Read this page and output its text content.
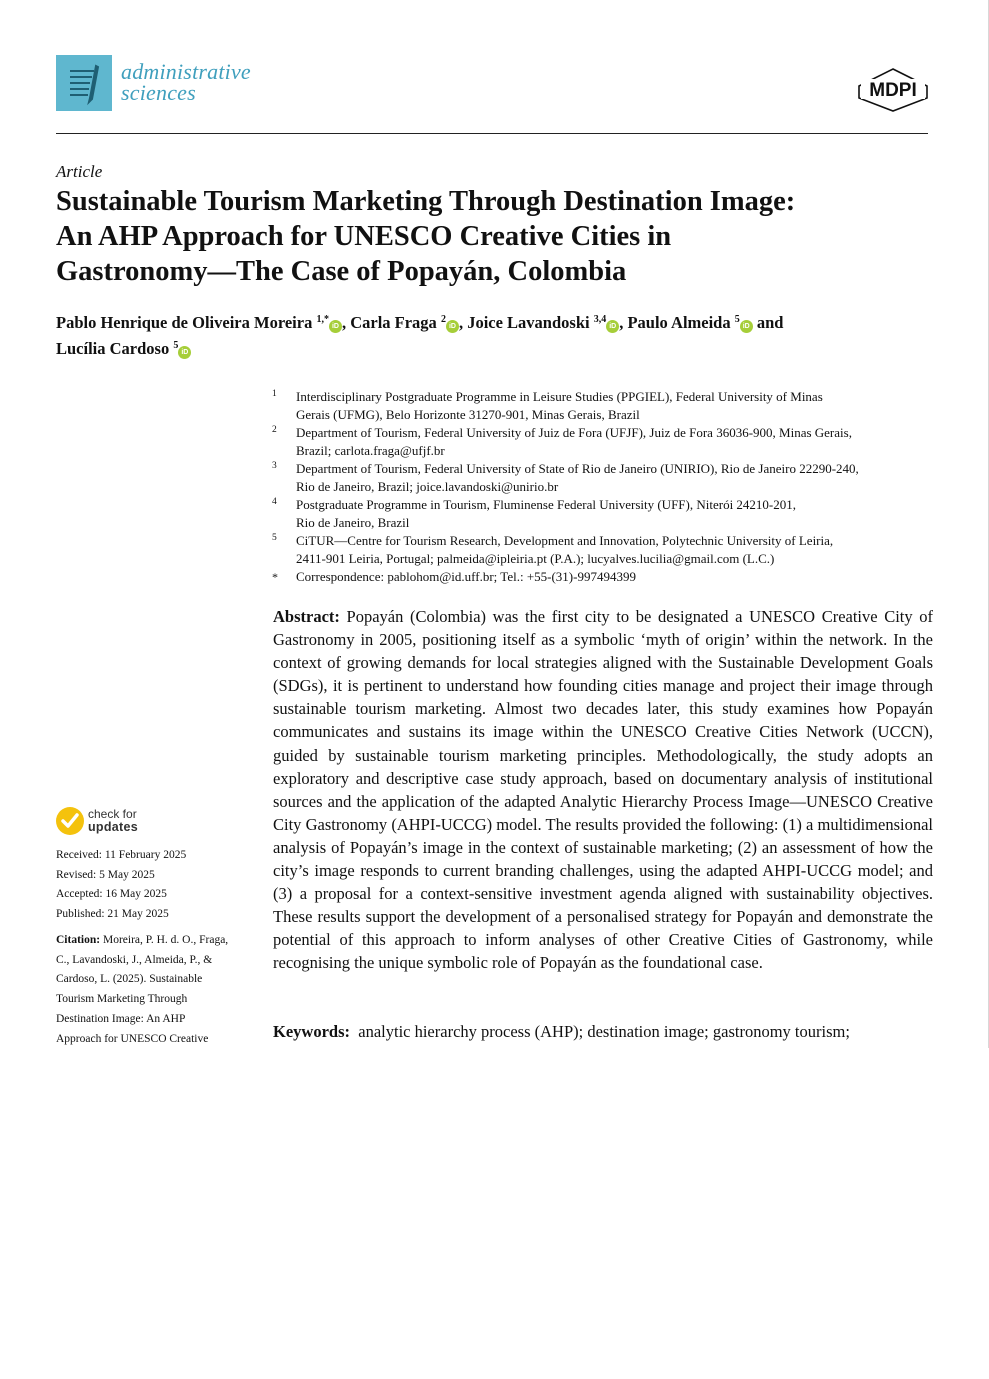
administrative
sciences	MDPI
Article
Sustainable Tourism Marketing Through Destination Image:
An AHP Approach for UNESCO Creative Cities in
Gastronomy—The Case of Popayán, Colombia
Pablo Henrique de Oliveira Moreira $^{1,*}$iD , Carla Fraga $^2$iD , Joice Lavandoski $^{3,4}$iD , Paulo Almeida $^5$iD and
Lucília Cardoso $^5$iD
1 Interdisciplinary Postgraduate Programme in Leisure Studies (PPGIEL), Federal University of Minas
Gerais (UFMG), Belo Horizonte 31270-901, Minas Gerais, Brazil
2 Department of Tourism, Federal University of Juiz de Fora (UFJF), Juiz de Fora 36036-900, Minas Gerais,
Brazil; carlota.fraga@ufjf.br
3 Department of Tourism, Federal University of State of Rio de Janeiro (UNIRIO), Rio de Janeiro 22290-240,
Rio de Janeiro, Brazil; joice.lavandoski@unirio.br
4 Postgraduate Programme in Tourism, Fluminense Federal University (UFF), Niterói 24210-201,
Rio de Janeiro, Brazil
5 CiTUR—Centre for Tourism Research, Development and Innovation, Polytechnic University of Leiria,
2411-901 Leiria, Portugal; palmeida@ipleiria.pt (P.A.); lucyalves.lucilia@gmail.com (L.C.)
* Correspondence: pablohom@id.uff.br; Tel.: +55-(31)-997494399
Abstract: Popayán (Colombia) was the first city to be designated a UNESCO Creative City of Gastronomy in 2005, positioning itself as a symbolic ‘myth of origin’ within the network. In the context of growing demands for local strategies aligned with the Sustainable Development Goals (SDGs), it is pertinent to understand how founding cities manage and project their image through sustainable tourism marketing. Almost two decades later, this study examines how Popayán communicates and sustains its image within the UNESCO Creative Cities Network (UCCN), guided by sustainable tourism marketing principles. Methodologically, the study adopts an exploratory and descriptive case study approach, based on documentary analysis of institutional sources and the application of the adapted Analytic Hierarchy Process Image—UNESCO Creative City Gastronomy (AHPI-UCCG) model. The results provided the following: (1) a multidimensional analysis of Popayán’s image in the context of sustainable marketing; (2) an assessment of how the city’s image responds to current branding challenges, using the adapted AHPI-UCCG model; and (3) a proposal for a context-sensitive investment agenda aligned with sustainability objectives. These results support the development of a personalised strategy for Popayán and demonstrate the potential of this approach to inform analyses of other Creative Cities of Gastronomy, while recognising the unique symbolic role of Popayán as the foundational case.
Keywords: analytic hierarchy process (AHP); destination image; gastronomy tourism;
check for
updates
Received: 11 February 2025
Revised: 5 May 2025
Accepted: 16 May 2025
Published: 21 May 2025
Citation: Moreira, P. H. d. O., Fraga,
C., Lavandoski, J., Almeida, P., &
Cardoso, L. (2025). Sustainable
Tourism Marketing Through
Destination Image: An AHP
Approach for UNESCO Creative
